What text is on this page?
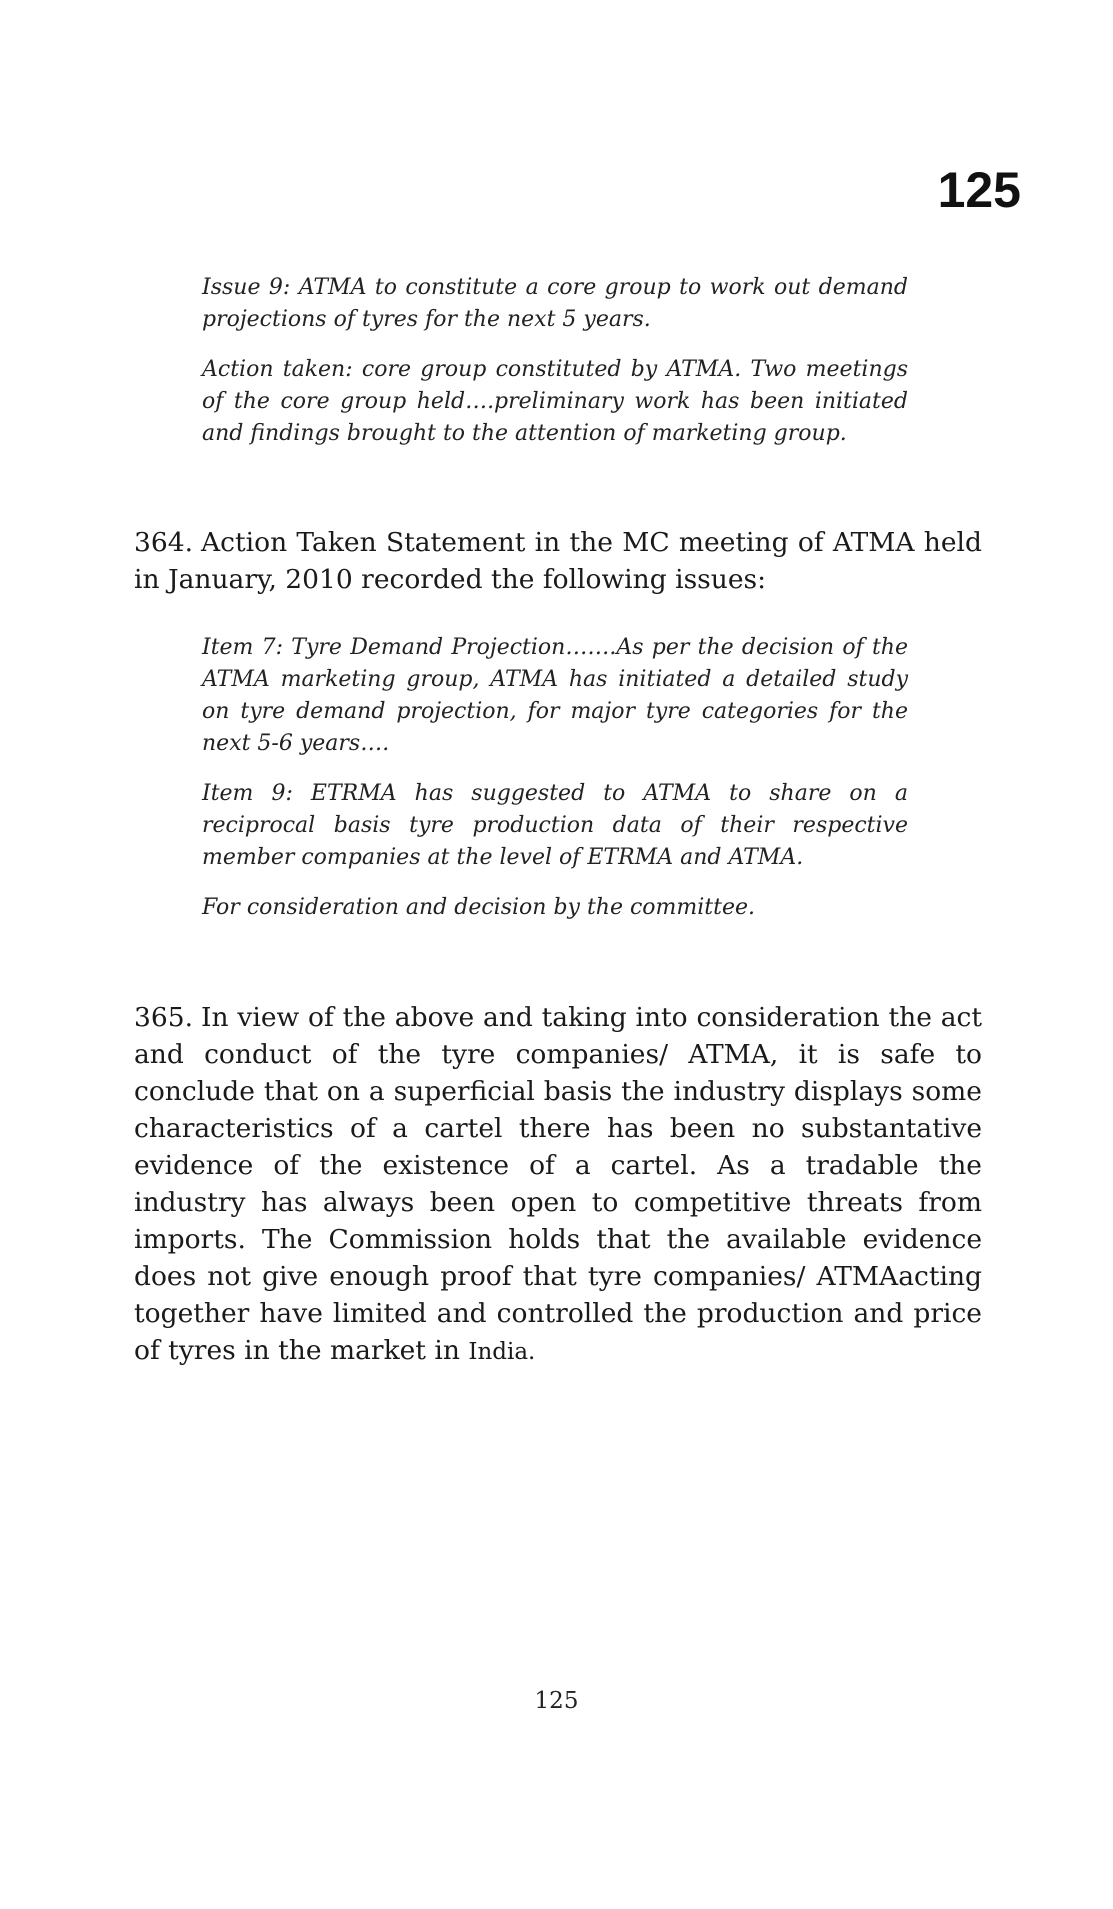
125

Issue 9: ATMA to constitute a core group to work out demand projections of tyres for the next 5 years.

Action taken: core group constituted by ATMA. Two meetings of the core group held….preliminary work has been initiated and findings brought to the attention of marketing group.

364. Action Taken Statement in the MC meeting of ATMA held in January, 2010 recorded the following issues:

Item 7: Tyre Demand Projection…….As per the decision of the ATMA marketing group, ATMA has initiated a detailed study on tyre demand projection, for major tyre categories for the next 5-6 years….

Item 9: ETRMA has suggested to ATMA to share on a reciprocal basis tyre production data of their respective member companies at the level of ETRMA and ATMA.

For consideration and decision by the committee.

365. In view of the above and taking into consideration the act and conduct of the tyre companies/ ATMA, it is safe to conclude that on a superficial basis the industry displays some characteristics of a cartel there has been no substantative evidence of the existence of a cartel. As a tradable the industry has always been open to competitive threats from imports. The Commission holds that the available evidence does not give enough proof that tyre companies/ ATMAacting together have limited and controlled the production and price of tyres in the market in India.

125
